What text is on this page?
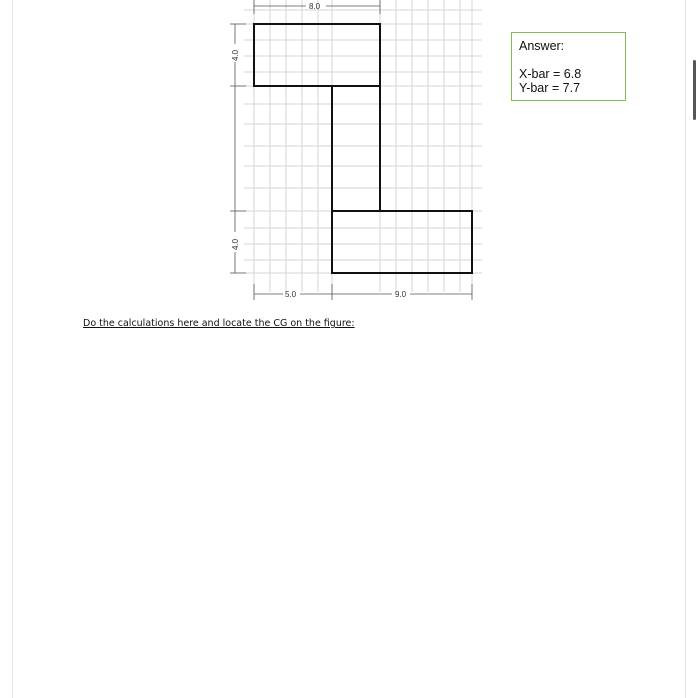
8.0
4.0
4.0
5.0	9.0
Answer:
X-bar = 6.8
Y-bar = 7.7
Do the calculations here and locate the CG on the figure:
